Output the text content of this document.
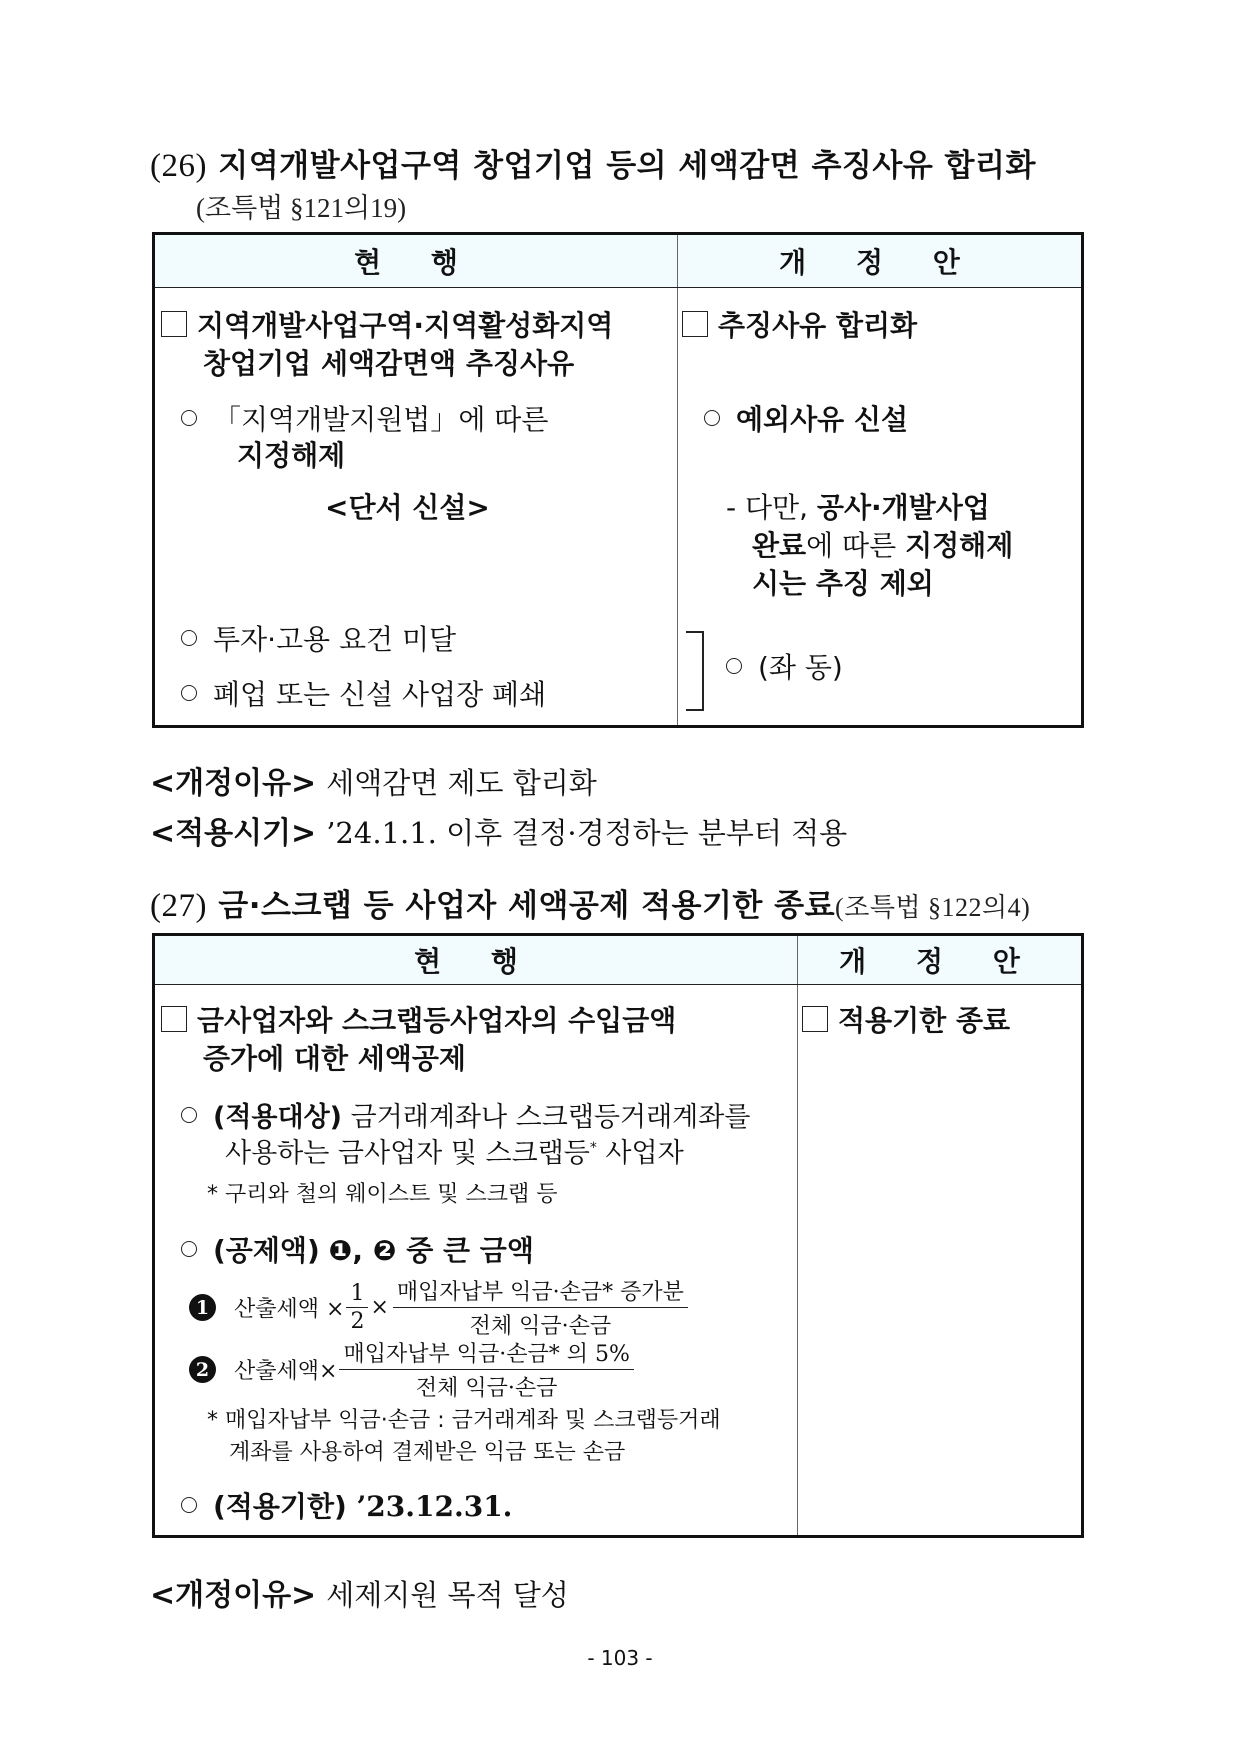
(26) 지역개발사업구역 창업기업 등의 세액감면 추징사유 합리화
(조특법 §121의19)
현 행	개 정 안

지역개발사업구역·지역활성화지역
창업기업 세액감면액 추징사유
「지역개발지원법」에 따른
지정해제
<단서 신설>
투자·고용 요건 미달
폐업 또는 신설 사업장 폐쇄

추징사유 합리화
예외사유 신설
- 다만, 공사·개발사업
완료에 따른 지정해제
시는 추징 제외
(좌 동)
<개정이유> 세액감면 제도 합리화
<적용시기> ’24.1.1. 이후 결정·경정하는 분부터 적용
(27) 금·스크랩 등 사업자 세액공제 적용기한 종료(조특법 §122의4)
현 행	개 정 안

금사업자와 스크랩등사업자의 수입금액
증가에 대한 세액공제
(적용대상) 금거래계좌나 스크랩등거래계좌를
사용하는 금사업자 및 스크랩등* 사업자
* 구리와 철의 웨이스트 및 스크랩 등
(공제액) ❶, ❷ 중 큰 금액
1	산출세액 × $\frac{1}{2} \times \frac{\text{매입자납부 익금·손금* 증가분}}{\text{전체 익금·손금}}$
2	산출세액× $\frac{\text{매입자납부 익금·손금* 의 5\%}}{\text{전체 익금·손금}}$
* 매입자납부 익금·손금 : 금거래계좌 및 스크랩등거래
계좌를 사용하여 결제받은 익금 또는 손금
(적용기한) ’23.12.31.

적용기한 종료
<개정이유> 세제지원 목적 달성
- 103 -
